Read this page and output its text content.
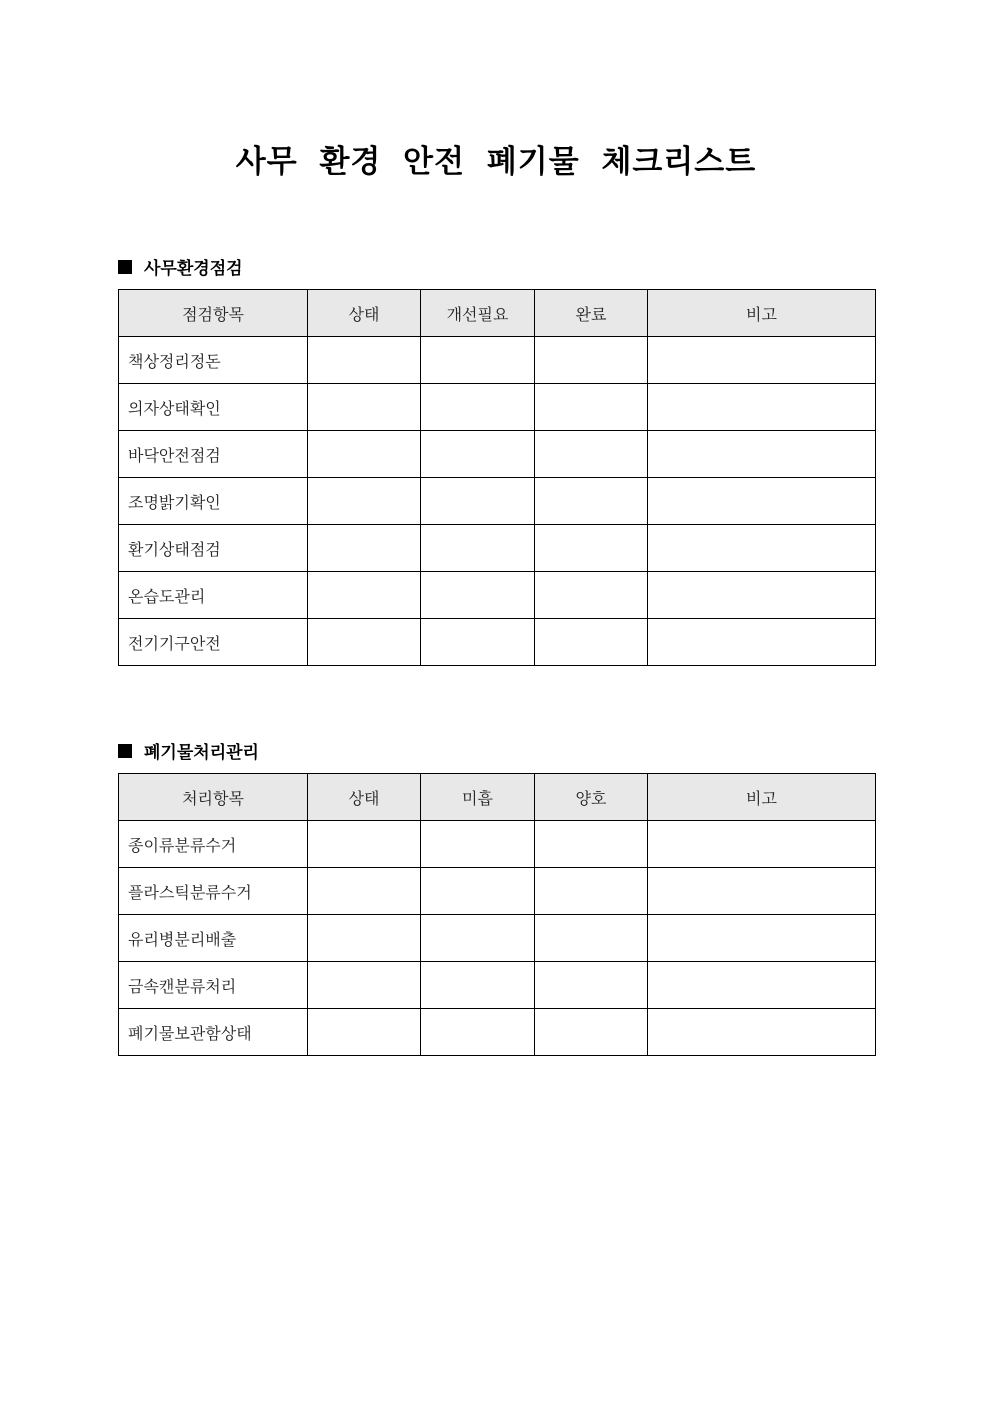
사무 환경 안전 폐기물 체크리스트
사무환경점검
점검항목	상태	개선필요	완료	비고
책상정리정돈				
의자상태확인				
바닥안전점검				
조명밝기확인				
환기상태점검				
온습도관리				
전기기구안전				
폐기물처리관리
처리항목	상태	미흡	양호	비고
종이류분류수거				
플라스틱분류수거				
유리병분리배출				
금속캔분류처리				
폐기물보관함상태				
